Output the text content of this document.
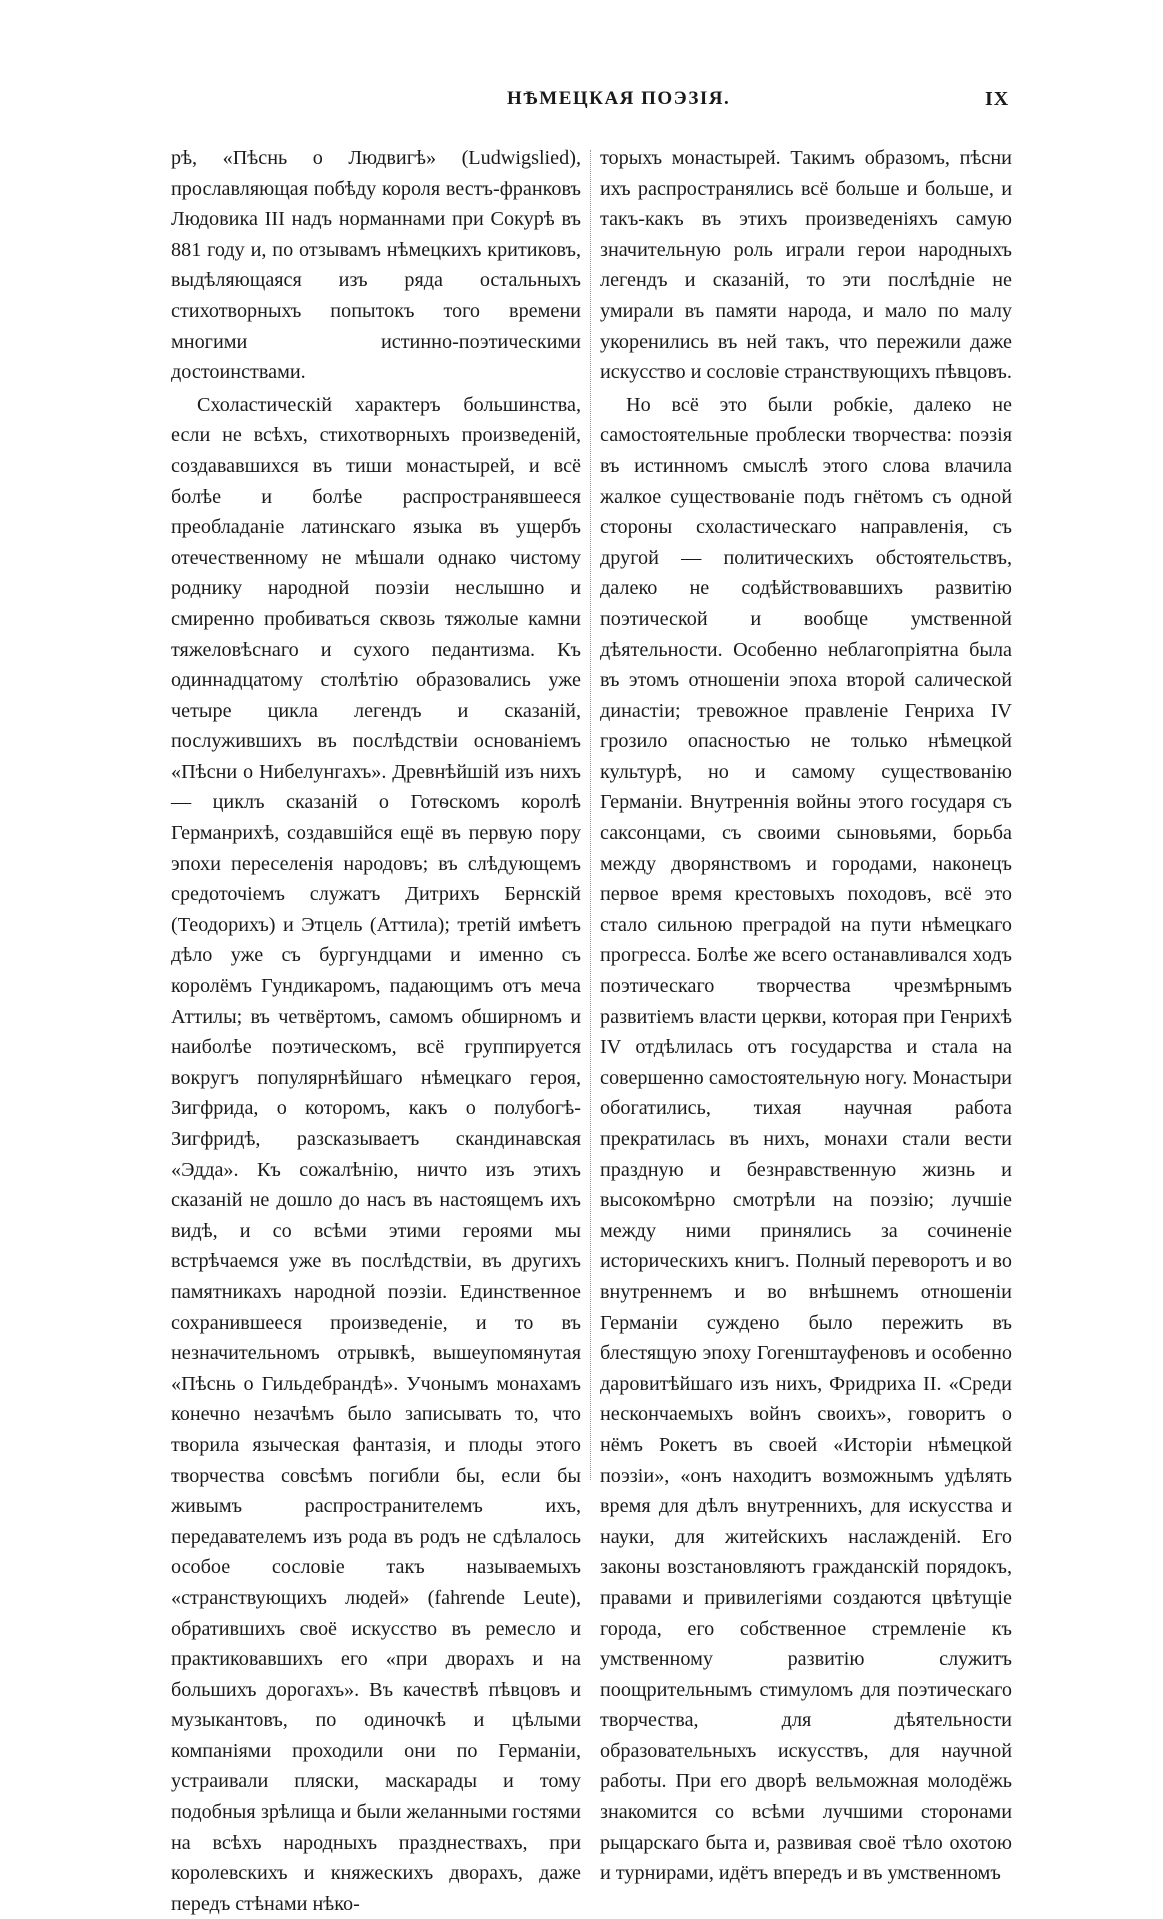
НѢМЕЦКАЯ ПОЭЗІЯ.	IX

рѣ, «Пѣснь о Людвигѣ» (Ludwigslied), прославляющая побѣду короля вестъ-франковъ Людовика III надъ норманнами при Сокурѣ въ 881 году и, по отзывамъ нѣмецкихъ критиковъ, выдѣляющаяся изъ ряда остальныхъ стихотворныхъ попытокъ того времени многими истинно-поэтическими достоинствами.

Схоластическій характеръ большинства, если не всѣхъ, стихотворныхъ произведеній, создававшихся въ тиши монастырей, и всё болѣе и болѣе распространявшееся преобладаніе латинскаго языка въ ущербъ отечественному не мѣшали однако чистому роднику народной поэзіи неслышно и смиренно пробиваться сквозь тяжолые камни тяжеловѣснаго и сухого педантизма. Къ одиннадцатому столѣтію образовались уже четыре цикла легендъ и сказаній, послужившихъ въ послѣдствіи основаніемъ «Пѣсни о Нибелунгахъ». Древнѣйшій изъ нихъ — циклъ сказаній о Готѳскомъ королѣ Германрихѣ, создавшійся ещё въ первую пору эпохи переселенія народовъ; въ слѣдующемъ средоточіемъ служатъ Дитрихъ Бернскій (Теодорихъ) и Этцель (Аттила); третій имѣетъ дѣло уже съ бургундцами и именно съ королёмъ Гундикаромъ, падающимъ отъ меча Аттилы; въ четвёртомъ, самомъ обширномъ и наиболѣе поэтическомъ, всё группируется вокругъ популярнѣйшаго нѣмецкаго героя, Зигфрида, о которомъ, какъ о полубогѣ-Зигфридѣ, разсказываетъ скандинавская «Эдда». Къ сожалѣнію, ничто изъ этихъ сказаній не дошло до насъ въ настоящемъ ихъ видѣ, и со всѣми этими героями мы встрѣчаемся уже въ послѣдствіи, въ другихъ памятникахъ народной поэзіи. Единственное сохранившееся произведеніе, и то въ незначительномъ отрывкѣ, вышеупомянутая «Пѣснь о Гильдебрандѣ». Учонымъ монахамъ конечно незачѣмъ было записывать то, что творила языческая фантазія, и плоды этого творчества совсѣмъ погибли бы, если бы живымъ распространителемъ ихъ, передавателемъ изъ рода въ родъ не сдѣлалось особое сословіе такъ называемыхъ «странствующихъ людей» (fahrende Leute), обратившихъ своё искусство въ ремесло и практиковавшихъ его «при дворахъ и на большихъ дорогахъ». Въ качествѣ пѣвцовъ и музыкантовъ, по одиночкѣ и цѣлыми компаніями проходили они по Германіи, устраивали пляски, маскарады и тому подобныя зрѣлища и были желанными гостями на всѣхъ народныхъ празднествахъ, при королевскихъ и княжескихъ дворахъ, даже передъ стѣнами нѣко-

торыхъ монастырей. Такимъ образомъ, пѣсни ихъ распространялись всё больше и больше, и такъ-какъ въ этихъ произведеніяхъ самую значительную роль играли герои народныхъ легендъ и сказаній, то эти послѣдніе не умирали въ памяти народа, и мало по малу укоренились въ ней такъ, что пережили даже искусство и сословіе странствующихъ пѣвцовъ.

Но всё это были робкіе, далеко не самостоятельные проблески творчества: поэзія въ истинномъ смыслѣ этого слова влачила жалкое существованіе подъ гнётомъ съ одной стороны схоластическаго направленія, съ другой — политическихъ обстоятельствъ, далеко не содѣйствовавшихъ развитію поэтической и вообще умственной дѣятельности. Особенно неблагопріятна была въ этомъ отношеніи эпоха второй салической династіи; тревожное правленіе Генриха IV грозило опасностью не только нѣмецкой культурѣ, но и самому существованію Германіи. Внутреннія войны этого государя съ саксонцами, съ своими сыновьями, борьба между дворянствомъ и городами, наконецъ первое время крестовыхъ походовъ, всё это стало сильною преградой на пути нѣмецкаго прогресса. Болѣе же всего останавливался ходъ поэтическаго творчества чрезмѣрнымъ развитіемъ власти церкви, которая при Генрихѣ IV отдѣлилась отъ государства и стала на совершенно самостоятельную ногу. Монастыри обогатились, тихая научная работа прекратилась въ нихъ, монахи стали вести праздную и безнравственную жизнь и высокомѣрно смотрѣли на поэзію; лучшіе между ними принялись за сочиненіе историческихъ книгъ. Полный переворотъ и во внутреннемъ и во внѣшнемъ отношеніи Германіи суждено было пережить въ блестящую эпоху Гогенштауфеновъ и особенно даровитѣйшаго изъ нихъ, Фридриха II. «Среди нескончаемыхъ войнъ своихъ», говоритъ о нёмъ Рокетъ въ своей «Исторіи нѣмецкой поэзіи», «онъ находитъ возможнымъ удѣлять время для дѣлъ внутреннихъ, для искусства и науки, для житейскихъ наслажденій. Его законы возстановляютъ гражданскій порядокъ, правами и привилегіями создаются цвѣтущіе города, его собственное стремленіе къ умственному развитію служитъ поощрительнымъ стимуломъ для поэтическаго творчества, для дѣятельности образовательныхъ искусствъ, для научной работы. При его дворѣ вельможная молодёжь знакомится со всѣми лучшими сторонами рыцарскаго быта и, развивая своё тѣло охотою и турнирами, идётъ впередъ и въ умственномъ
